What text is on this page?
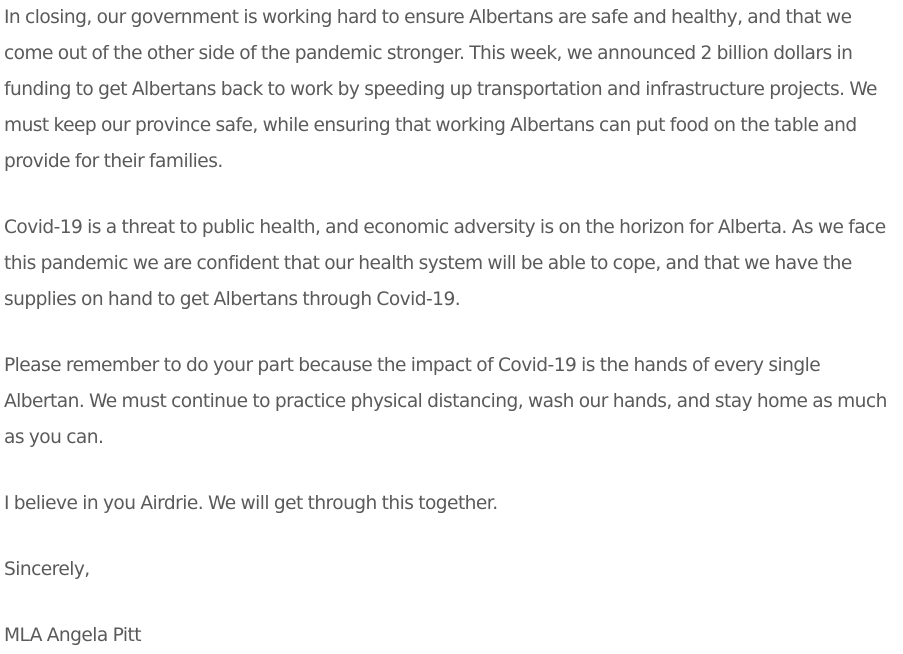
In closing, our government is working hard to ensure Albertans are safe and healthy, and that we come out of the other side of the pandemic stronger. This week, we announced 2 billion dollars in funding to get Albertans back to work by speeding up transportation and infrastructure projects. We must keep our province safe, while ensuring that working Albertans can put food on the table and provide for their families.

Covid-19 is a threat to public health, and economic adversity is on the horizon for Alberta. As we face this pandemic we are confident that our health system will be able to cope, and that we have the supplies on hand to get Albertans through Covid-19.

Please remember to do your part because the impact of Covid-19 is the hands of every single Albertan. We must continue to practice physical distancing, wash our hands, and stay home as much as you can.

I believe in you Airdrie. We will get through this together.

Sincerely,

MLA Angela Pitt
